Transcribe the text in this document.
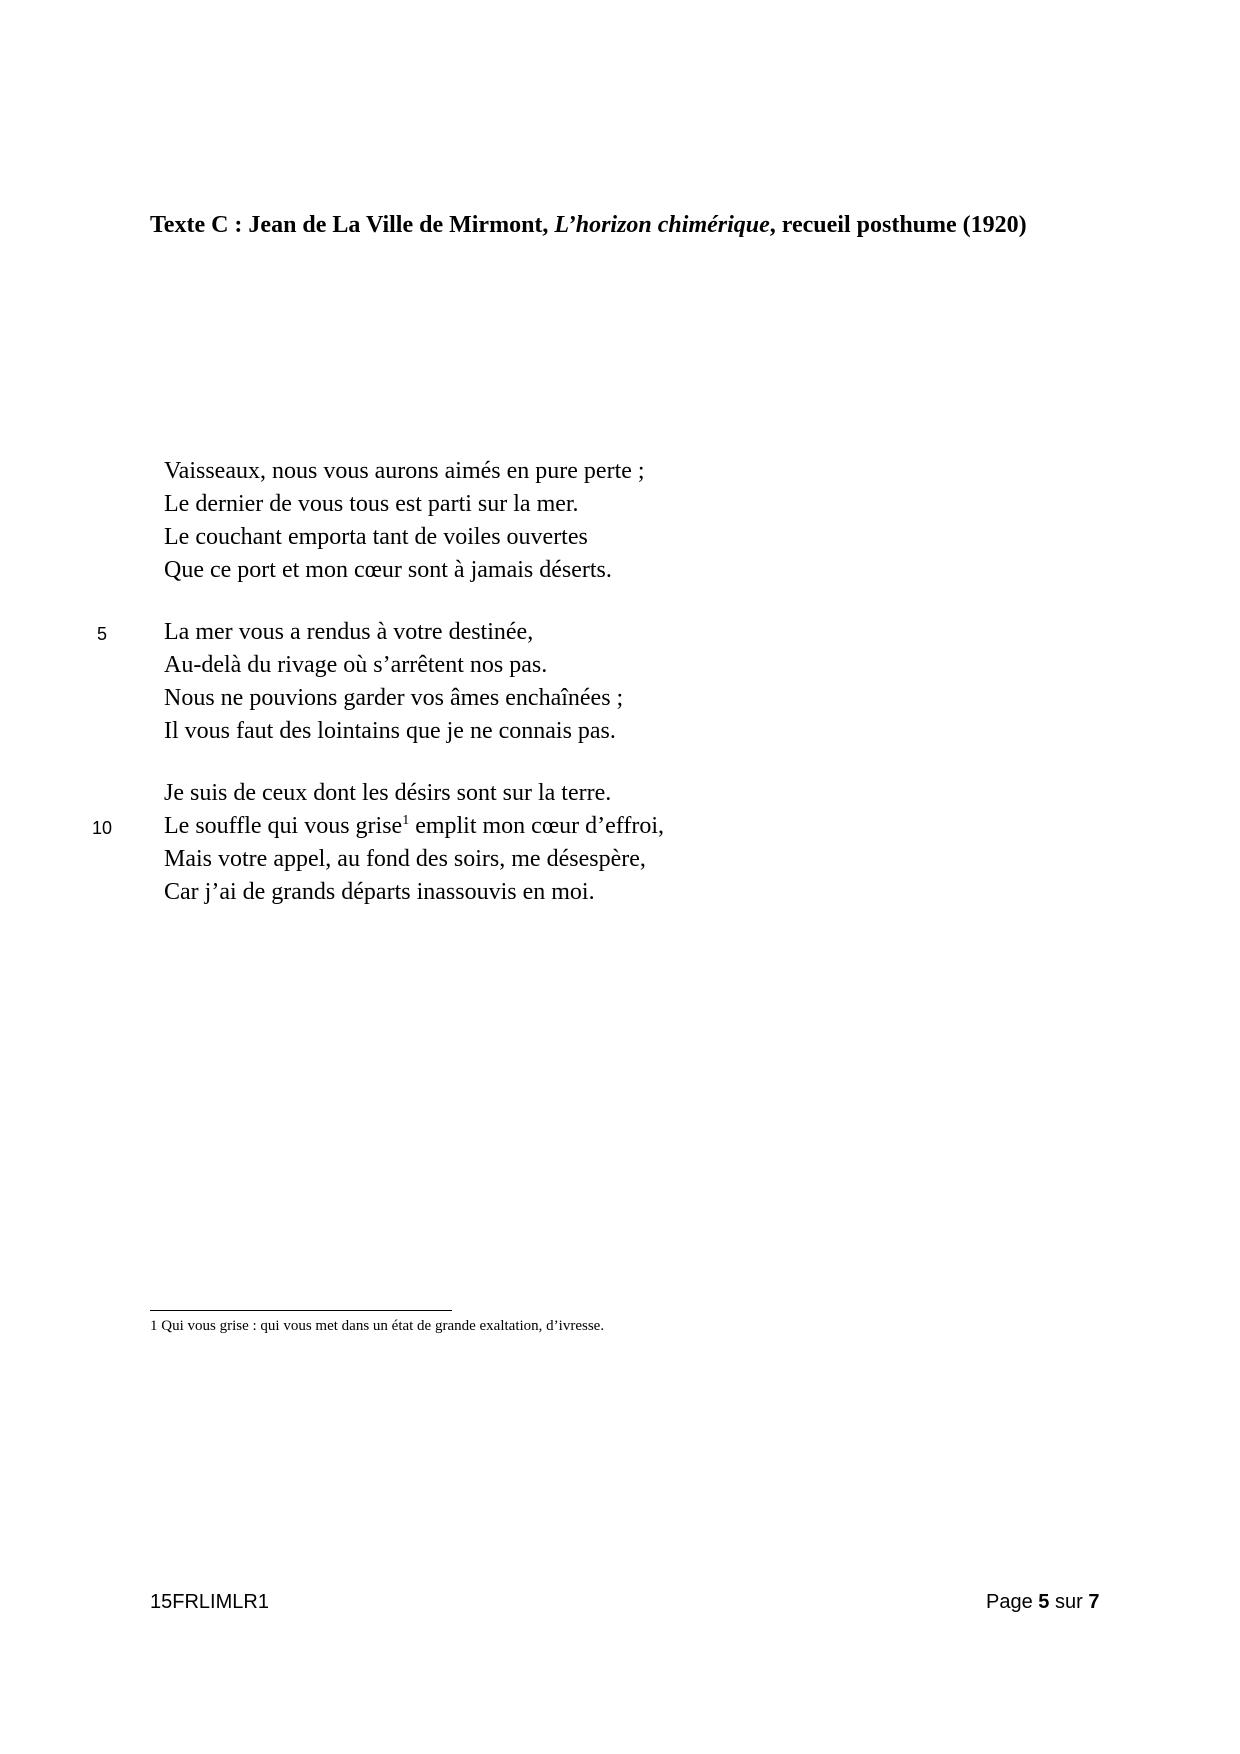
Texte C : Jean de La Ville de Mirmont, L’horizon chimérique, recueil posthume (1920)
Vaisseaux, nous vous aurons aimés en pure perte ;
Le dernier de vous tous est parti sur la mer.
Le couchant emporta tant de voiles ouvertes
Que ce port et mon cœur sont à jamais déserts.
5	La mer vous a rendus à votre destinée,
Au-delà du rivage où s’arrêtent nos pas.
Nous ne pouvions garder vos âmes enchaînées ;
Il vous faut des lointains que je ne connais pas.
Je suis de ceux dont les désirs sont sur la terre.
10 Le souffle qui vous grise$^1$ emplit mon cœur d’effroi,
Mais votre appel, au fond des soirs, me désespère,
Car j’ai de grands départs inassouvis en moi.
1 Qui vous grise : qui vous met dans un état de grande exaltation, d’ivresse.
15FRLIMLR1	Page 5 sur 7
